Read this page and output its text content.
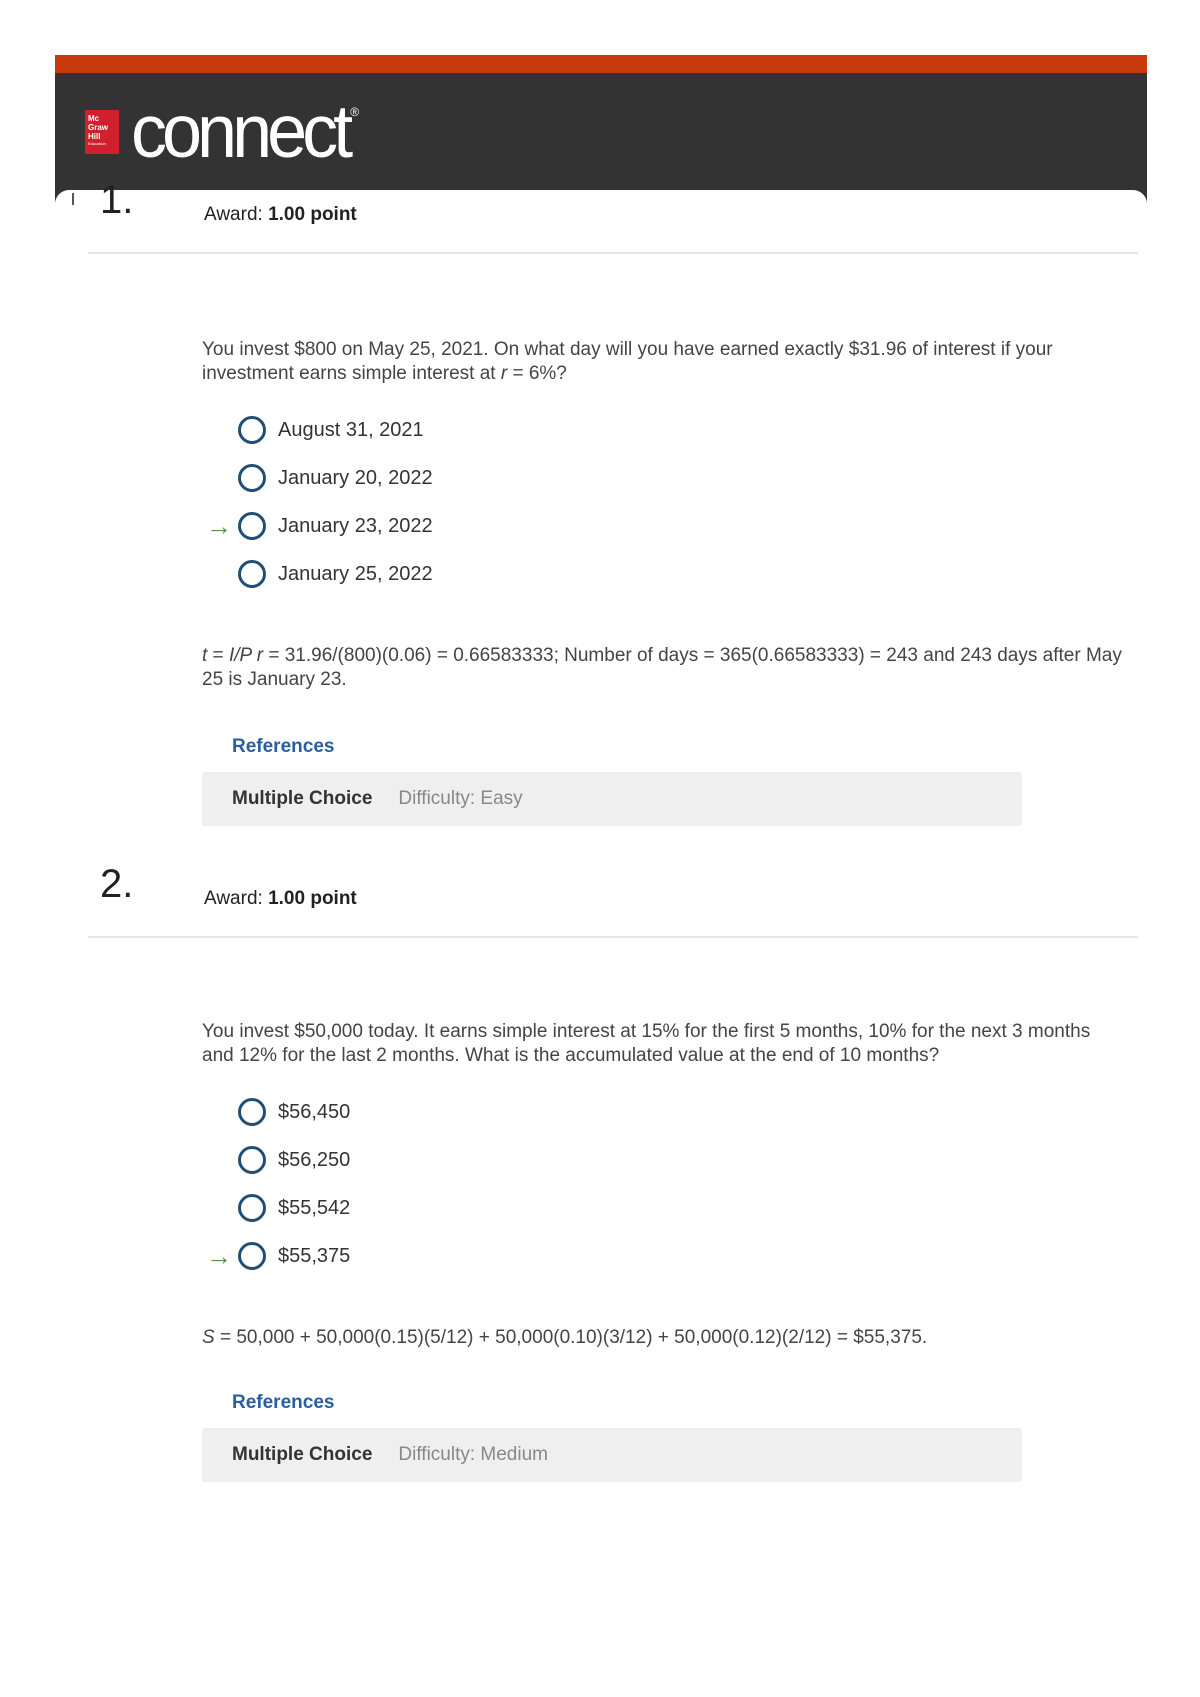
Mc
Graw
Hill
Education connect ®
1.	Award: 1.00 point
You invest $800 on May 25, 2021. On what day will you have earned exactly $31.96 of interest if your investment earns simple interest at r = 6%?
August 31, 2021
January 20, 2022
→	January 23, 2022
January 25, 2022
t = I/P r = 31.96/(800)(0.06) = 0.66583333; Number of days = 365(0.66583333) = 243 and 243 days after May 25 is January 23.
References
Multiple Choice Difficulty: Easy
2.	Award: 1.00 point
You invest $50,000 today. It earns simple interest at 15% for the first 5 months, 10% for the next 3 months and 12% for the last 2 months. What is the accumulated value at the end of 10 months?
$56,450
$56,250
$55,542
→	$55,375
S = 50,000 + 50,000(0.15)(5/12) + 50,000(0.10)(3/12) + 50,000(0.12)(2/12) = $55,375.
References
Multiple Choice Difficulty: Medium
